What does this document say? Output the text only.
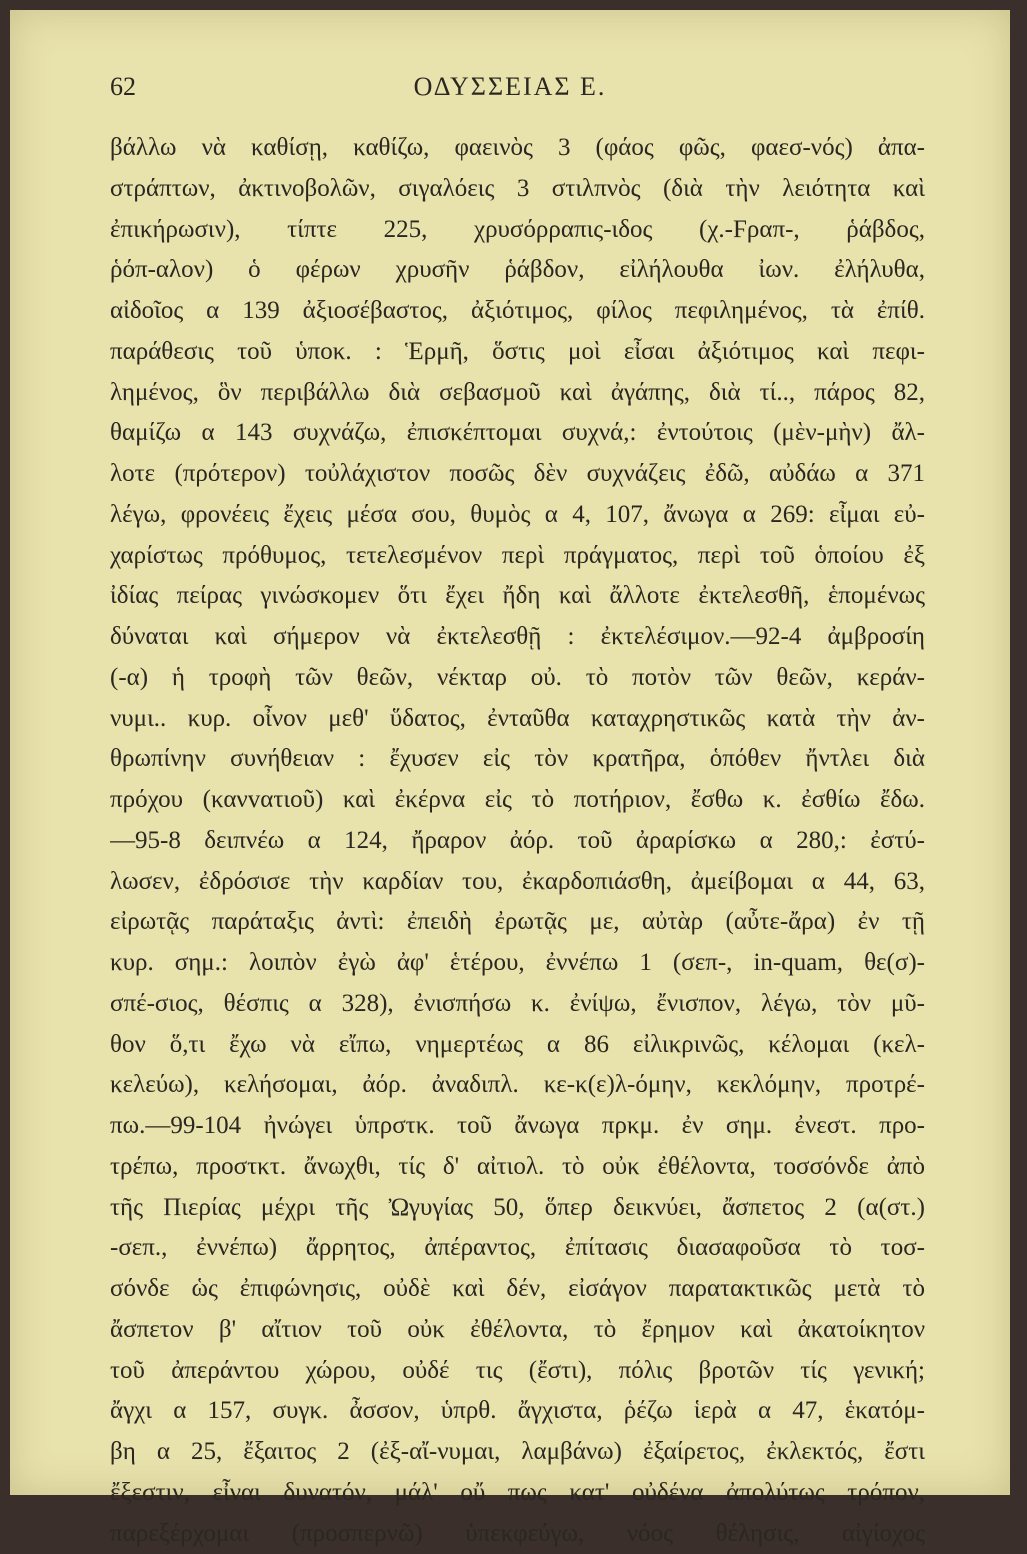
62	ΟΔΥΣΣΕΙΑΣ Ε.
βάλλω νὰ καθίσῃ, καθίζω, φαεινὸς 3 (φάος φῶς, φαεσ-νός) ἀπα-
στράπτων, ἀκτινοβολῶν, σιγαλόεις 3 στιλπνὸς (διὰ τὴν λειότητα καὶ
ἐπικήρωσιν), τίπτε 225, χρυσόρραπις-ιδος (χ.-Ϝραπ-, ῥάβδος,
ῥόπ-αλον) ὁ φέρων χρυσῆν ῥάβδον, εἰλήλουθα ἰων. ἐλήλυθα,
αἰδοῖος α 139 ἀξιοσέβαστος, ἀξιότιμος, φίλος πεφιλημένος, τὰ ἐπίθ.
παράθεσις τοῦ ὑποκ. : Ἑρμῆ, ὅστις μοὶ εἶσαι ἀξιότιμος καὶ πεφι-
λημένος, ὃν περιβάλλω διὰ σεβασμοῦ καὶ ἀγάπης, διὰ τί.., πάρος 82,
θαμίζω α 143 συχνάζω, ἐπισκέπτομαι συχνά,: ἐντούτοις (μὲν-μὴν) ἄλ-
λοτε (πρότερον) τοὐλάχιστον ποσῶς δὲν συχνάζεις ἐδῶ, αὐδάω α 371
λέγω, φρονέεις ἔχεις μέσα σου, θυμὸς α 4, 107, ἄνωγα α 269: εἶμαι εὐ-
χαρίστως πρόθυμος, τετελεσμένον περὶ πράγματος, περὶ τοῦ ὁποίου ἐξ
ἰδίας πείρας γινώσκομεν ὅτι ἔχει ἤδη καὶ ἄλλοτε ἐκτελεσθῆ, ἑπομένως
δύναται καὶ σήμερον νὰ ἐκτελεσθῇ : ἐκτελέσιμον.—92-4 ἀμβροσίη
(-α) ἡ τροφὴ τῶν θεῶν, νέκταρ οὐ. τὸ ποτὸν τῶν θεῶν, κεράν-
νυμι.. κυρ. οἶνον μεθ' ὕδατος, ἐνταῦθα καταχρηστικῶς κατὰ τὴν ἀν-
θρωπίνην συνήθειαν : ἔχυσεν εἰς τὸν κρατῆρα, ὁπόθεν ἤντλει διὰ
πρόχου (κανvατιοῦ) καὶ ἐκέρνα εἰς τὸ ποτήριον, ἔσθω κ. ἐσθίω ἔδω.
—95-8 δειπνέω α 124, ἤραρον ἀόρ. τοῦ ἀραρίσκω α 280,: ἐστύ-
λωσεν, ἐδρόσισε τὴν καρδίαν του, ἐκαρδοπιάσθη, ἀμείβομαι α 44, 63,
εἰρωτᾷς παράταξις ἀντὶ: ἐπειδὴ ἐρωτᾷς με, αὐτὰρ (αὖτε-ἄρα) ἐν τῇ
κυρ. σημ.: λοιπὸν ἐγὼ ἀφ' ἑτέρου, ἐννέπω 1 (σεπ-, in-quam, θε(σ)-
σπέ-σιος, θέσπις α 328), ἐνισπήσω κ. ἐνίψω, ἔνισπον, λέγω, τὸν μῦ-
θον ὅ,τι ἔχω νὰ εἴπω, νημερτέως α 86 εἰλικρινῶς, κέλομαι (κελ-
κελεύω), κελήσομαι, ἀόρ. ἀναδιπλ. κε-κ(ε)λ-όμην, κεκλόμην, προτρέ-
πω.—99-104 ἠνώγει ὑπρστκ. τοῦ ἄνωγα πρκμ. ἐν σημ. ἐνεστ. προ-
τρέπω, προστκτ. ἄνωχθι, τίς δ' αἰτιολ. τὸ οὐκ ἐθέλοντα, τοσσόνδε ἀπὸ
τῆς Πιερίας μέχρι τῆς Ὠγυγίας 50, ὅπερ δεικνύει, ἄσπετος 2 (α(στ.)
-σεπ., ἐννέπω) ἄρρητος, ἀπέραντος, ἐπίτασις διασαφοῦσα τὸ τοσ-
σόνδε ὡς ἐπιφώνησις, οὐδὲ καὶ δέν, εἰσάγον παρατακτικῶς μετὰ τὸ
ἄσπετον β' αἴτιον τοῦ οὐκ ἐθέλοντα, τὸ ἔρημον καὶ ἀκατοίκητον
τοῦ ἀπεράντου χώρου, οὐδέ τις (ἔστι), πόλις βροτῶν τίς γενική;
ἄγχι α 157, συγκ. ἆσσον, ὑπρθ. ἄγχιστα, ῥέζω ἱερὰ α 47, ἑκατόμ-
βη α 25, ἔξαιτος 2 (ἐξ-αἴ-νυμαι, λαμβάνω) ἐξαίρετος, ἐκλεκτός, ἔστι
ἔξεστιν, εἶναι δυνατόν, μάλ' οὔ πως κατ' οὐδένα ἀπολύτως τρόπον,
παρεξέρχομαι (προσπερνῶ) ὑπεκφεύγω, νόος θέλησις, αἰγίοχος
